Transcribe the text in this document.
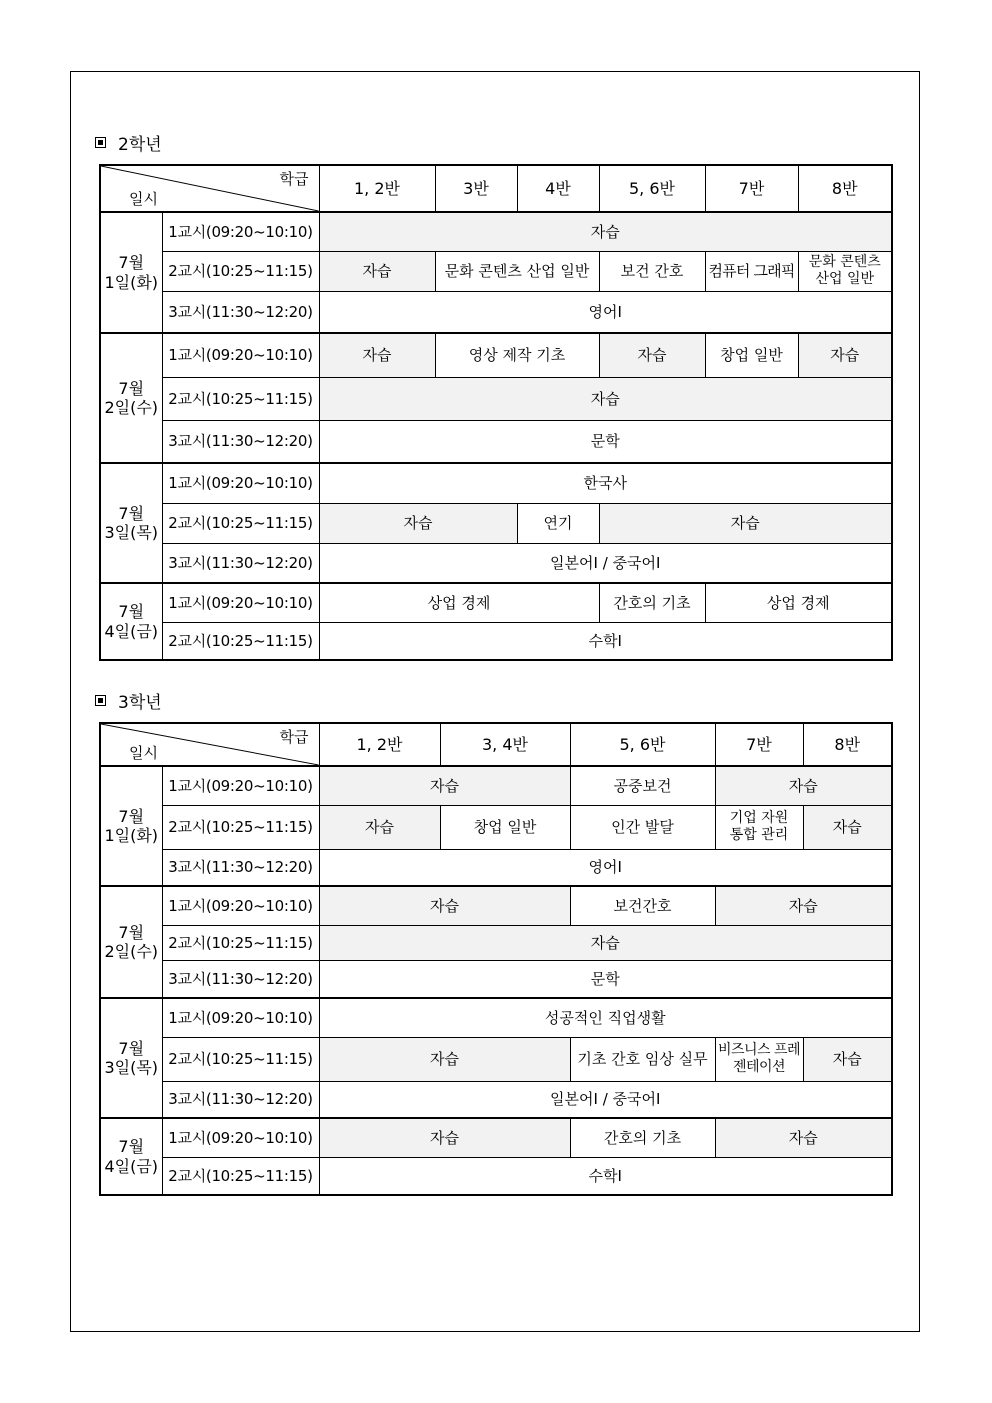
2학년
학급
일시		1, 2반	3반	4반	5, 6반	7반	8반
7월
1일(화)	1교시(09:20~10:10)	자습					
	2교시(10:25~11:15)	자습	문화 콘텐츠 산업 일반		보건 간호	컴퓨터 그래픽	문화 콘텐츠 산업 일반
	3교시(11:30~12:20)	영어Ⅰ					
7월
2일(수)	1교시(09:20~10:10)	자습	영상 제작 기초		자습	창업 일반	자습
	2교시(10:25~11:15)	자습					
	3교시(11:30~12:20)	문학					
7월
3일(목)	1교시(09:20~10:10)	한국사					
	2교시(10:25~11:15)	자습		연기	자습		
	3교시(11:30~12:20)	일본어Ⅰ / 중국어Ⅰ					
7월
4일(금)	1교시(09:20~10:10)	상업 경제			간호의 기초	상업 경제	
	2교시(10:25~11:15)	수학Ⅰ					
3학년
학급
일시		1, 2반	3, 4반	5, 6반	7반	8반
7월
1일(화)	1교시(09:20~10:10)	자습		공중보건	자습	
	2교시(10:25~11:15)	자습	창업 일반	인간 발달	기업 자원 통합 관리	자습
	3교시(11:30~12:20)	영어Ⅰ				
7월
2일(수)	1교시(09:20~10:10)	자습		보건간호	자습	
	2교시(10:25~11:15)	자습				
	3교시(11:30~12:20)	문학				
7월
3일(목)	1교시(09:20~10:10)	성공적인 직업생활				
	2교시(10:25~11:15)	자습		기초 간호 임상 실무	비즈니스 프레젠테이션	자습
	3교시(11:30~12:20)	일본어Ⅰ / 중국어Ⅰ				
7월
4일(금)	1교시(09:20~10:10)	자습		간호의 기초	자습	
	2교시(10:25~11:15)	수학Ⅰ				
